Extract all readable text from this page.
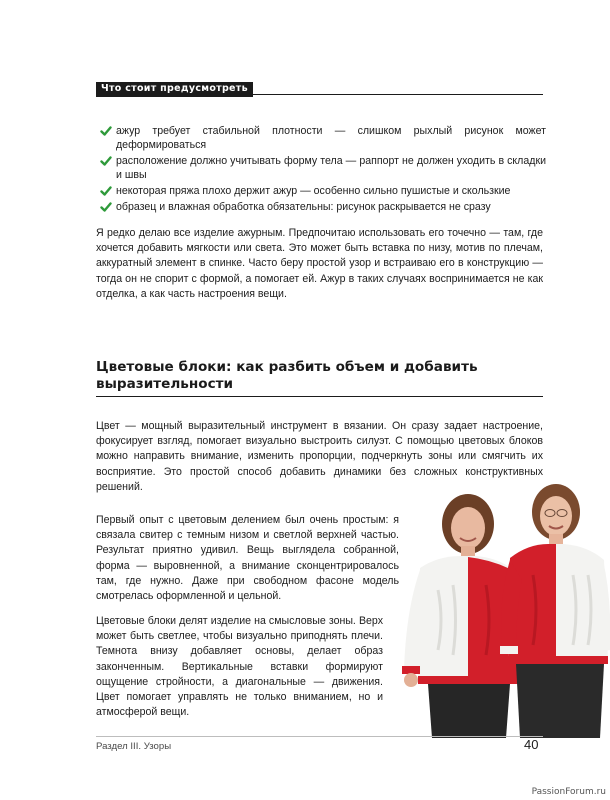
Что стоит предусмотреть
ажур требует стабильной плотности — слишком рыхлый рисунок может деформироваться
расположение должно учитывать форму тела — раппорт не должен уходить в складки и швы
некоторая пряжа плохо держит ажур — особенно сильно пушистые и скользкие
образец и влажная обработка обязательны: рисунок раскрывается не сразу

Я редко делаю все изделие ажурным. Предпочитаю использовать его точечно — там, где хочется добавить мягкости или света. Это может быть вставка по низу, мотив по плечам, аккуратный элемент в спинке. Часто беру простой узор и встраиваю его в конструкцию — тогда он не спорит с формой, а помогает ей. Ажур в таких случаях воспринимается не как отделка, а как часть настроения вещи.

Цветовые блоки: как разбить объем и добавить выразительности

Цвет — мощный выразительный инструмент в вязании. Он сразу задает настроение, фокусирует взгляд, помогает визуально выстроить силуэт. С помощью цветовых блоков можно направить внимание, изменить пропорции, подчеркнуть зоны или смягчить их восприятие. Это простой способ добавить динамики без сложных конструктивных решений.

Первый опыт с цветовым делением был очень простым: я связала свитер с темным низом и светлой верхней частью. Результат приятно удивил. Вещь выглядела собранной, форма — выровненной, а внимание сконцентрировалось там, где нужно. Даже при свободном фасоне модель смотрелась оформленной и цельной.

Цветовые блоки делят изделие на смысловые зоны. Верх может быть светлее, чтобы визуально приподнять плечи. Темнота внизу добавляет основы, делает образ законченным. Вертикальные вставки формируют ощущение стройности, а диагональные — движения. Цвет помогает управлять не только вниманием, но и атмосферой вещи.

Раздел III. Узоры	40
PassionForum.ru
